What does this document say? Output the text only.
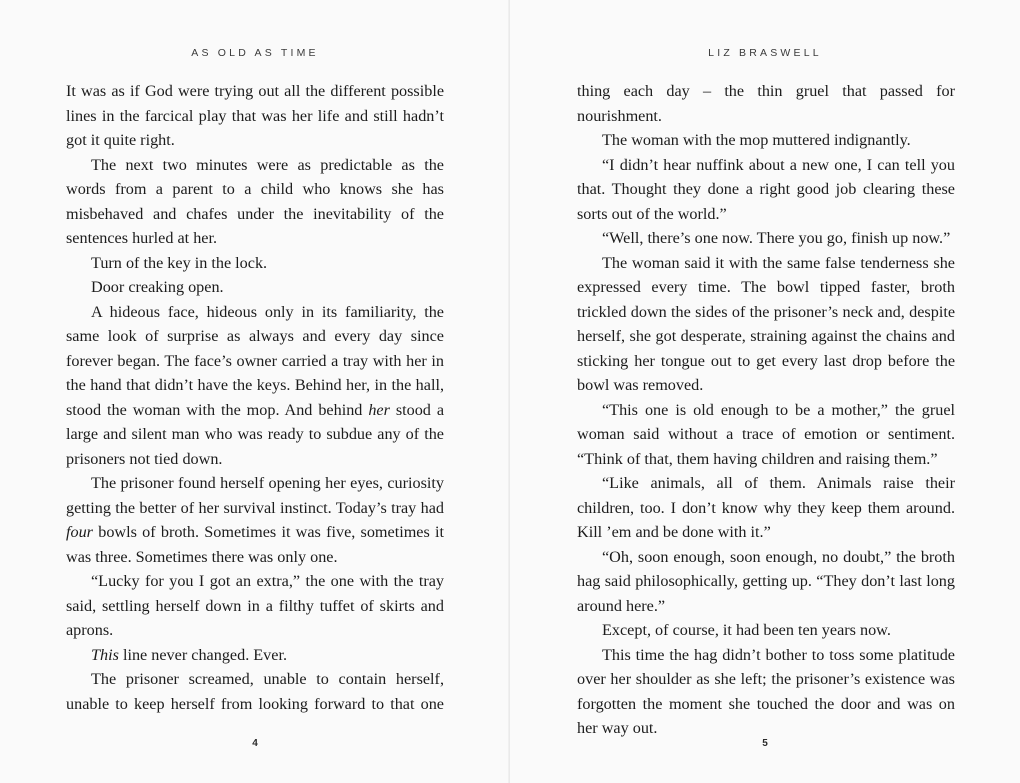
AS OLD AS TIME

It was as if God were trying out all the different possible lines in the farcical play that was her life and still hadn’t got it quite right.

The next two minutes were as predictable as the words from a parent to a child who knows she has misbehaved and chafes under the inevitability of the sentences hurled at her.

Turn of the key in the lock.

Door creaking open.

A hideous face, hideous only in its familiarity, the same look of surprise as always and every day since forever began. The face’s owner carried a tray with her in the hand that didn’t have the keys. Behind her, in the hall, stood the woman with the mop. And behind her stood a large and silent man who was ready to subdue any of the prisoners not tied down.

The prisoner found herself opening her eyes, curiosity getting the better of her survival instinct. Today’s tray had four bowls of broth. Sometimes it was five, sometimes it was three. Sometimes there was only one.

“Lucky for you I got an extra,” the one with the tray said, settling herself down in a filthy tuffet of skirts and aprons.

This line never changed. Ever.

The prisoner screamed, unable to contain herself, unable to keep herself from looking forward to that one

4
LIZ BRASWELL

thing each day – the thin gruel that passed for nourishment.

The woman with the mop muttered indignantly.

“I didn’t hear nuffink about a new one, I can tell you that. Thought they done a right good job clearing these sorts out of the world.”

“Well, there’s one now. There you go, finish up now.”

The woman said it with the same false tenderness she expressed every time. The bowl tipped faster, broth trickled down the sides of the prisoner’s neck and, despite herself, she got desperate, straining against the chains and sticking her tongue out to get every last drop before the bowl was removed.

“This one is old enough to be a mother,” the gruel woman said without a trace of emotion or sentiment. “Think of that, them having children and raising them.”

“Like animals, all of them. Animals raise their children, too. I don’t know why they keep them around. Kill ’em and be done with it.”

“Oh, soon enough, soon enough, no doubt,” the broth hag said philosophically, getting up. “They don’t last long around here.”

Except, of course, it had been ten years now.

This time the hag didn’t bother to toss some platitude over her shoulder as she left; the prisoner’s existence was forgotten the moment she touched the door and was on her way out.

5
